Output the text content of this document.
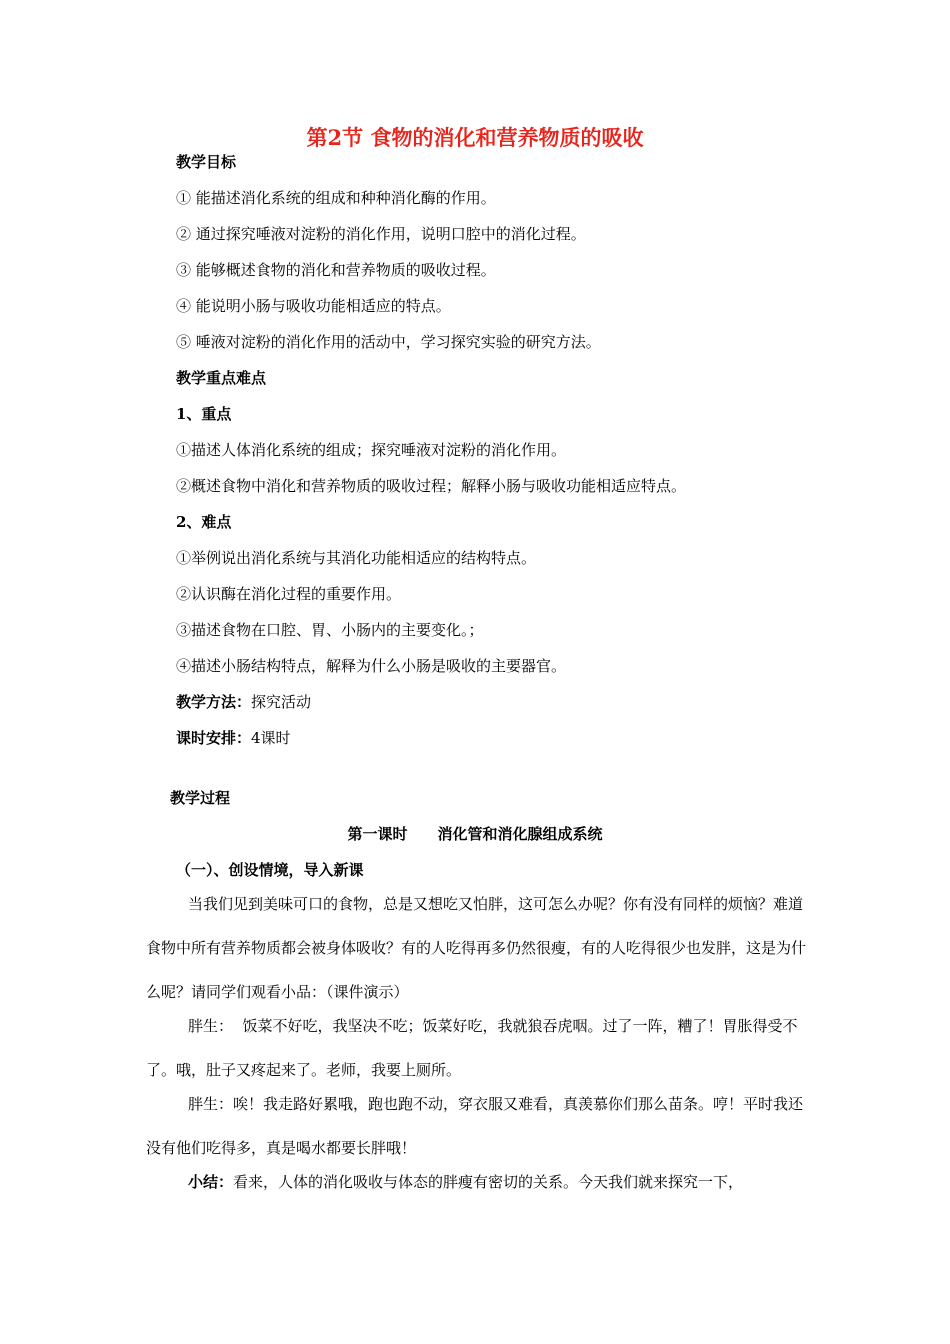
第2节 食物的消化和营养物质的吸收
教学目标
① 能描述消化系统的组成和种种消化酶的作用。
② 通过探究唾液对淀粉的消化作用，说明口腔中的消化过程。
③ 能够概述食物的消化和营养物质的吸收过程。
④ 能说明小肠与吸收功能相适应的特点。
⑤ 唾液对淀粉的消化作用的活动中，学习探究实验的研究方法。
教学重点难点
1、重点
①描述人体消化系统的组成；探究唾液对淀粉的消化作用。
②概述食物中消化和营养物质的吸收过程；解释小肠与吸收功能相适应特点。
2、难点
①举例说出消化系统与其消化功能相适应的结构特点。
②认识酶在消化过程的重要作用。
③描述食物在口腔、胃、小肠内的主要变化。；
④描述小肠结构特点，解释为什么小肠是吸收的主要器官。
教学方法：探究活动
课时安排：4课时
教学过程
第一课时　　消化管和消化腺组成系统
（一）、创设情境，导入新课
当我们见到美味可口的食物，总是又想吃又怕胖，这可怎么办呢？你有没有同样的烦恼？难道食物中所有营养物质都会被身体吸收？有的人吃得再多仍然很瘦，有的人吃得很少也发胖，这是为什么呢？请同学们观看小品：（课件演示）
胖生：  饭菜不好吃，我坚决不吃；饭菜好吃，我就狼吞虎咽。过了一阵，糟了！胃胀得受不了。哦，肚子又疼起来了。老师，我要上厕所。
胖生：唉！我走路好累哦，跑也跑不动，穿衣服又难看，真羡慕你们那么苗条。哼！平时我还没有他们吃得多，真是喝水都要长胖哦！
小结：看来，人体的消化吸收与体态的胖瘦有密切的关系。今天我们就来探究一下，
